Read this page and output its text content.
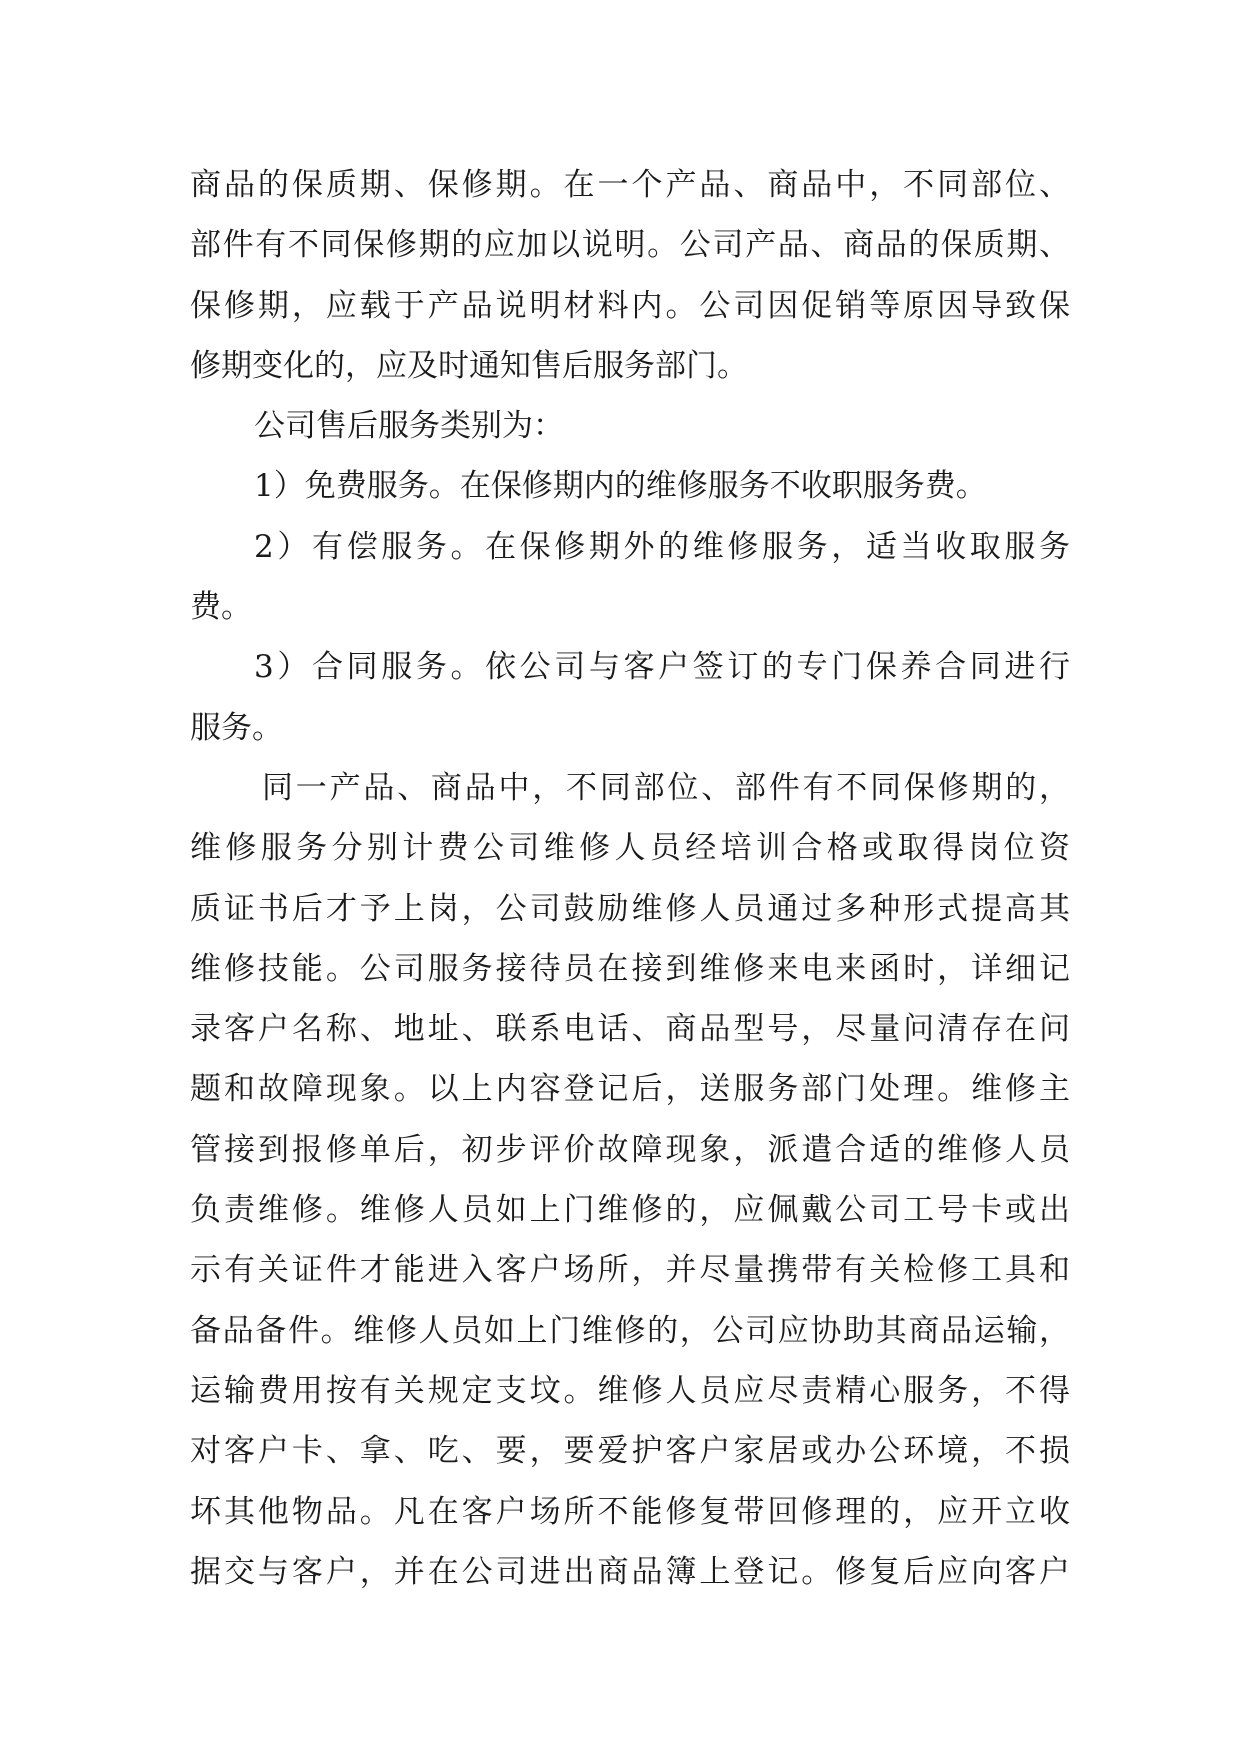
商品的保质期、保修期。在一个产品、商品中，不同部位、
部件有不同保修期的应加以说明。公司产品、商品的保质期、
保修期，应载于产品说明材料内。公司因促销等原因导致保
修期变化的，应及时通知售后服务部门。
公司售后服务类别为：
1）免费服务。在保修期内的维修服务不收职服务费。
2）有偿服务。在保修期外的维修服务，适当收取服务
费。
3）合同服务。依公司与客户签订的专门保养合同进行
服务。
同一产品、商品中，不同部位、部件有不同保修期的，
维修服务分别计费公司维修人员经培训合格或取得岗位资
质证书后才予上岗，公司鼓励维修人员通过多种形式提高其
维修技能。公司服务接待员在接到维修来电来函时，详细记
录客户名称、地址、联系电话、商品型号，尽量问清存在问
题和故障现象。以上内容登记后，送服务部门处理。维修主
管接到报修单后，初步评价故障现象，派遣合适的维修人员
负责维修。维修人员如上门维修的，应佩戴公司工号卡或出
示有关证件才能进入客户场所，并尽量携带有关检修工具和
备品备件。维修人员如上门维修的，公司应协助其商品运输，
运输费用按有关规定支坟。维修人员应尽责精心服务，不得
对客户卡、拿、吃、要，要爱护客户家居或办公环境，不损
坏其他物品。凡在客户场所不能修复带回修理的，应开立收
据交与客户，并在公司进出商品簿上登记。修复后应向客户
